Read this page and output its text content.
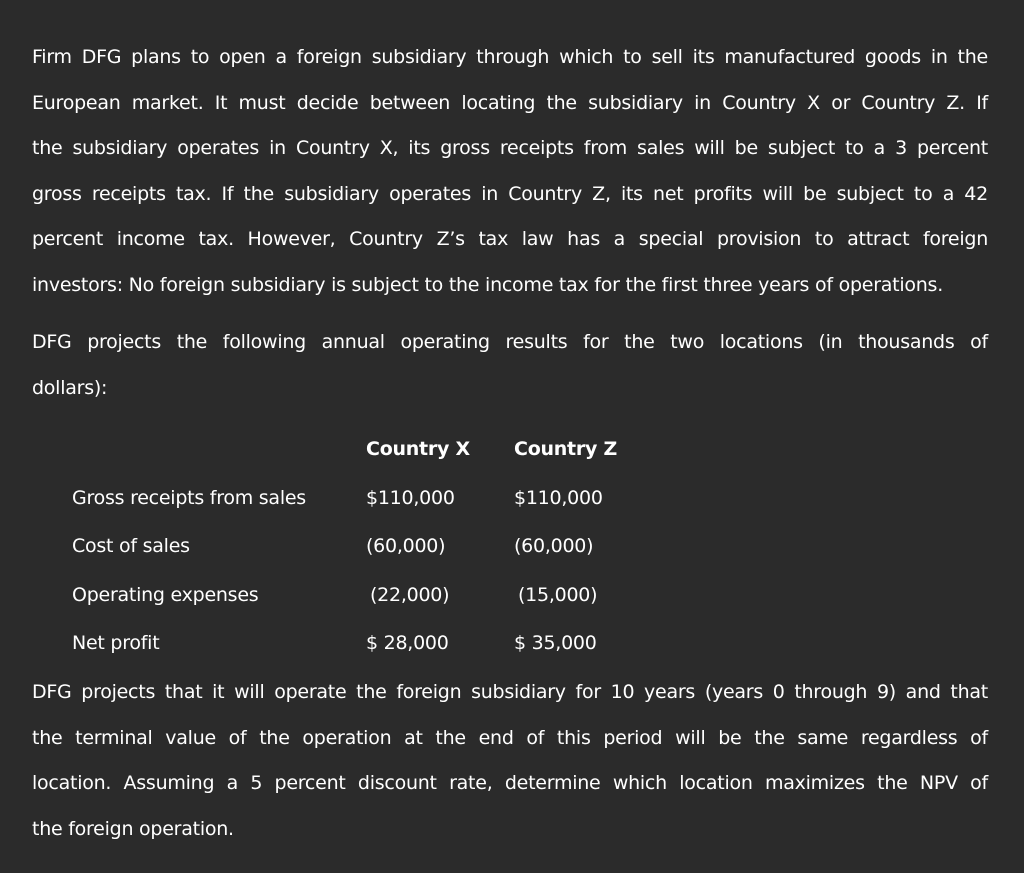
Firm DFG plans to open a foreign subsidiary through which to sell its manufactured goods in the
European market. It must decide between locating the subsidiary in Country X or Country Z. If
the subsidiary operates in Country X, its gross receipts from sales will be subject to a 3 percent
gross receipts tax. If the subsidiary operates in Country Z, its net profits will be subject to a 42
percent income tax. However, Country Z’s tax law has a special provision to attract foreign
investors: No foreign subsidiary is subject to the income tax for the first three years of operations.
DFG projects the following annual operating results for the two locations (in thousands of
dollars):
Country X Country Z
Gross receipts from sales	$110,000	$110,000
Cost of sales	(60,000)	(60,000)
Operating expenses	(22,000)	(15,000)
Net profit	$ 28,000	$ 35,000
DFG projects that it will operate the foreign subsidiary for 10 years (years 0 through 9) and that
the terminal value of the operation at the end of this period will be the same regardless of
location. Assuming a 5 percent discount rate, determine which location maximizes the NPV of
the foreign operation.
